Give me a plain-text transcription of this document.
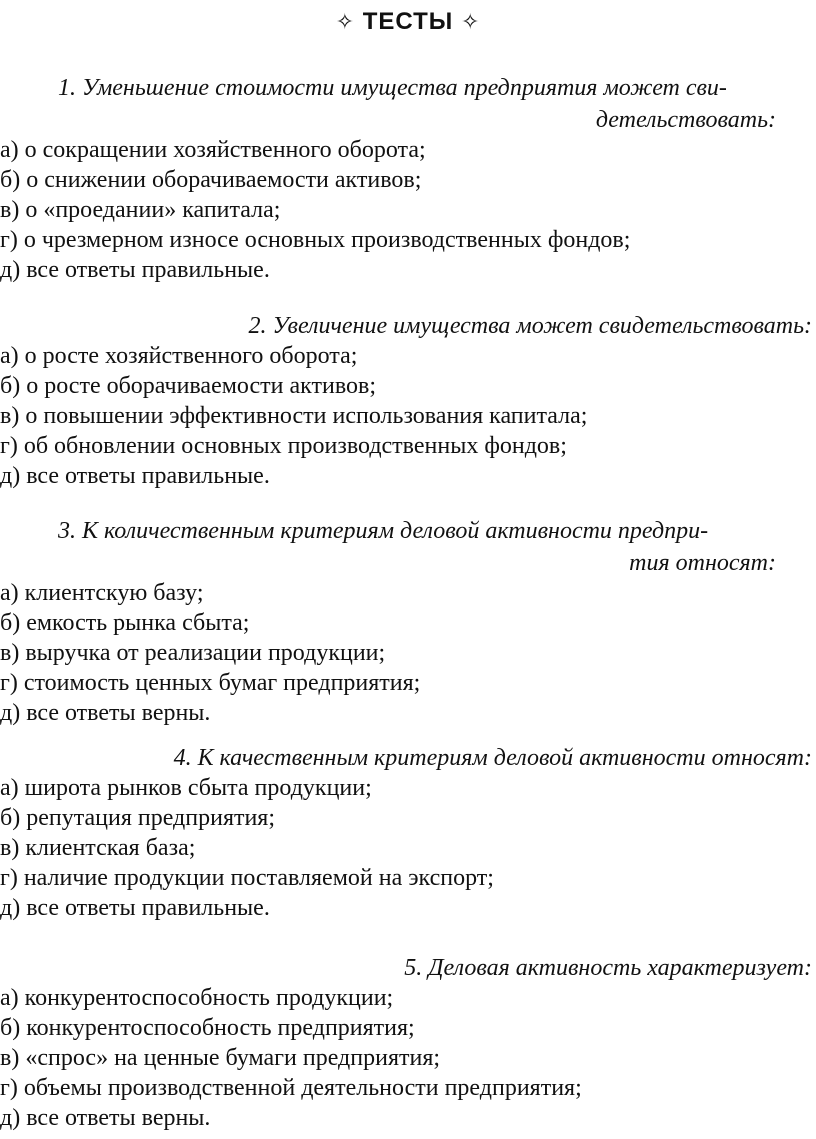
✧ ТЕСТЫ ✧
1. Уменьшение стоимости имущества предприятия может сви-
детельствовать:
а) о сокращении хозяйственного оборота;
б) о снижении оборачиваемости активов;
в) о «проедании» капитала;
г) о чрезмерном износе основных производственных фондов;
д) все ответы правильные.
2. Увеличение имущества может свидетельствовать:
а) о росте хозяйственного оборота;
б) о росте оборачиваемости активов;
в) о повышении эффективности использования капитала;
г) об обновлении основных производственных фондов;
д) все ответы правильные.
3. К количественным критериям деловой активности предпри-
тия относят:
а) клиентскую базу;
б) емкость рынка сбыта;
в) выручка от реализации продукции;
г) стоимость ценных бумаг предприятия;
д) все ответы верны.
4. К качественным критериям деловой активности относят:
а) широта рынков сбыта продукции;
б) репутация предприятия;
в) клиентская база;
г) наличие продукции поставляемой на экспорт;
д) все ответы правильные.
5. Деловая активность характеризует:
а) конкурентоспособность продукции;
б) конкурентоспособность предприятия;
в) «спрос» на ценные бумаги предприятия;
г) объемы производственной деятельности предприятия;
д) все ответы верны.
